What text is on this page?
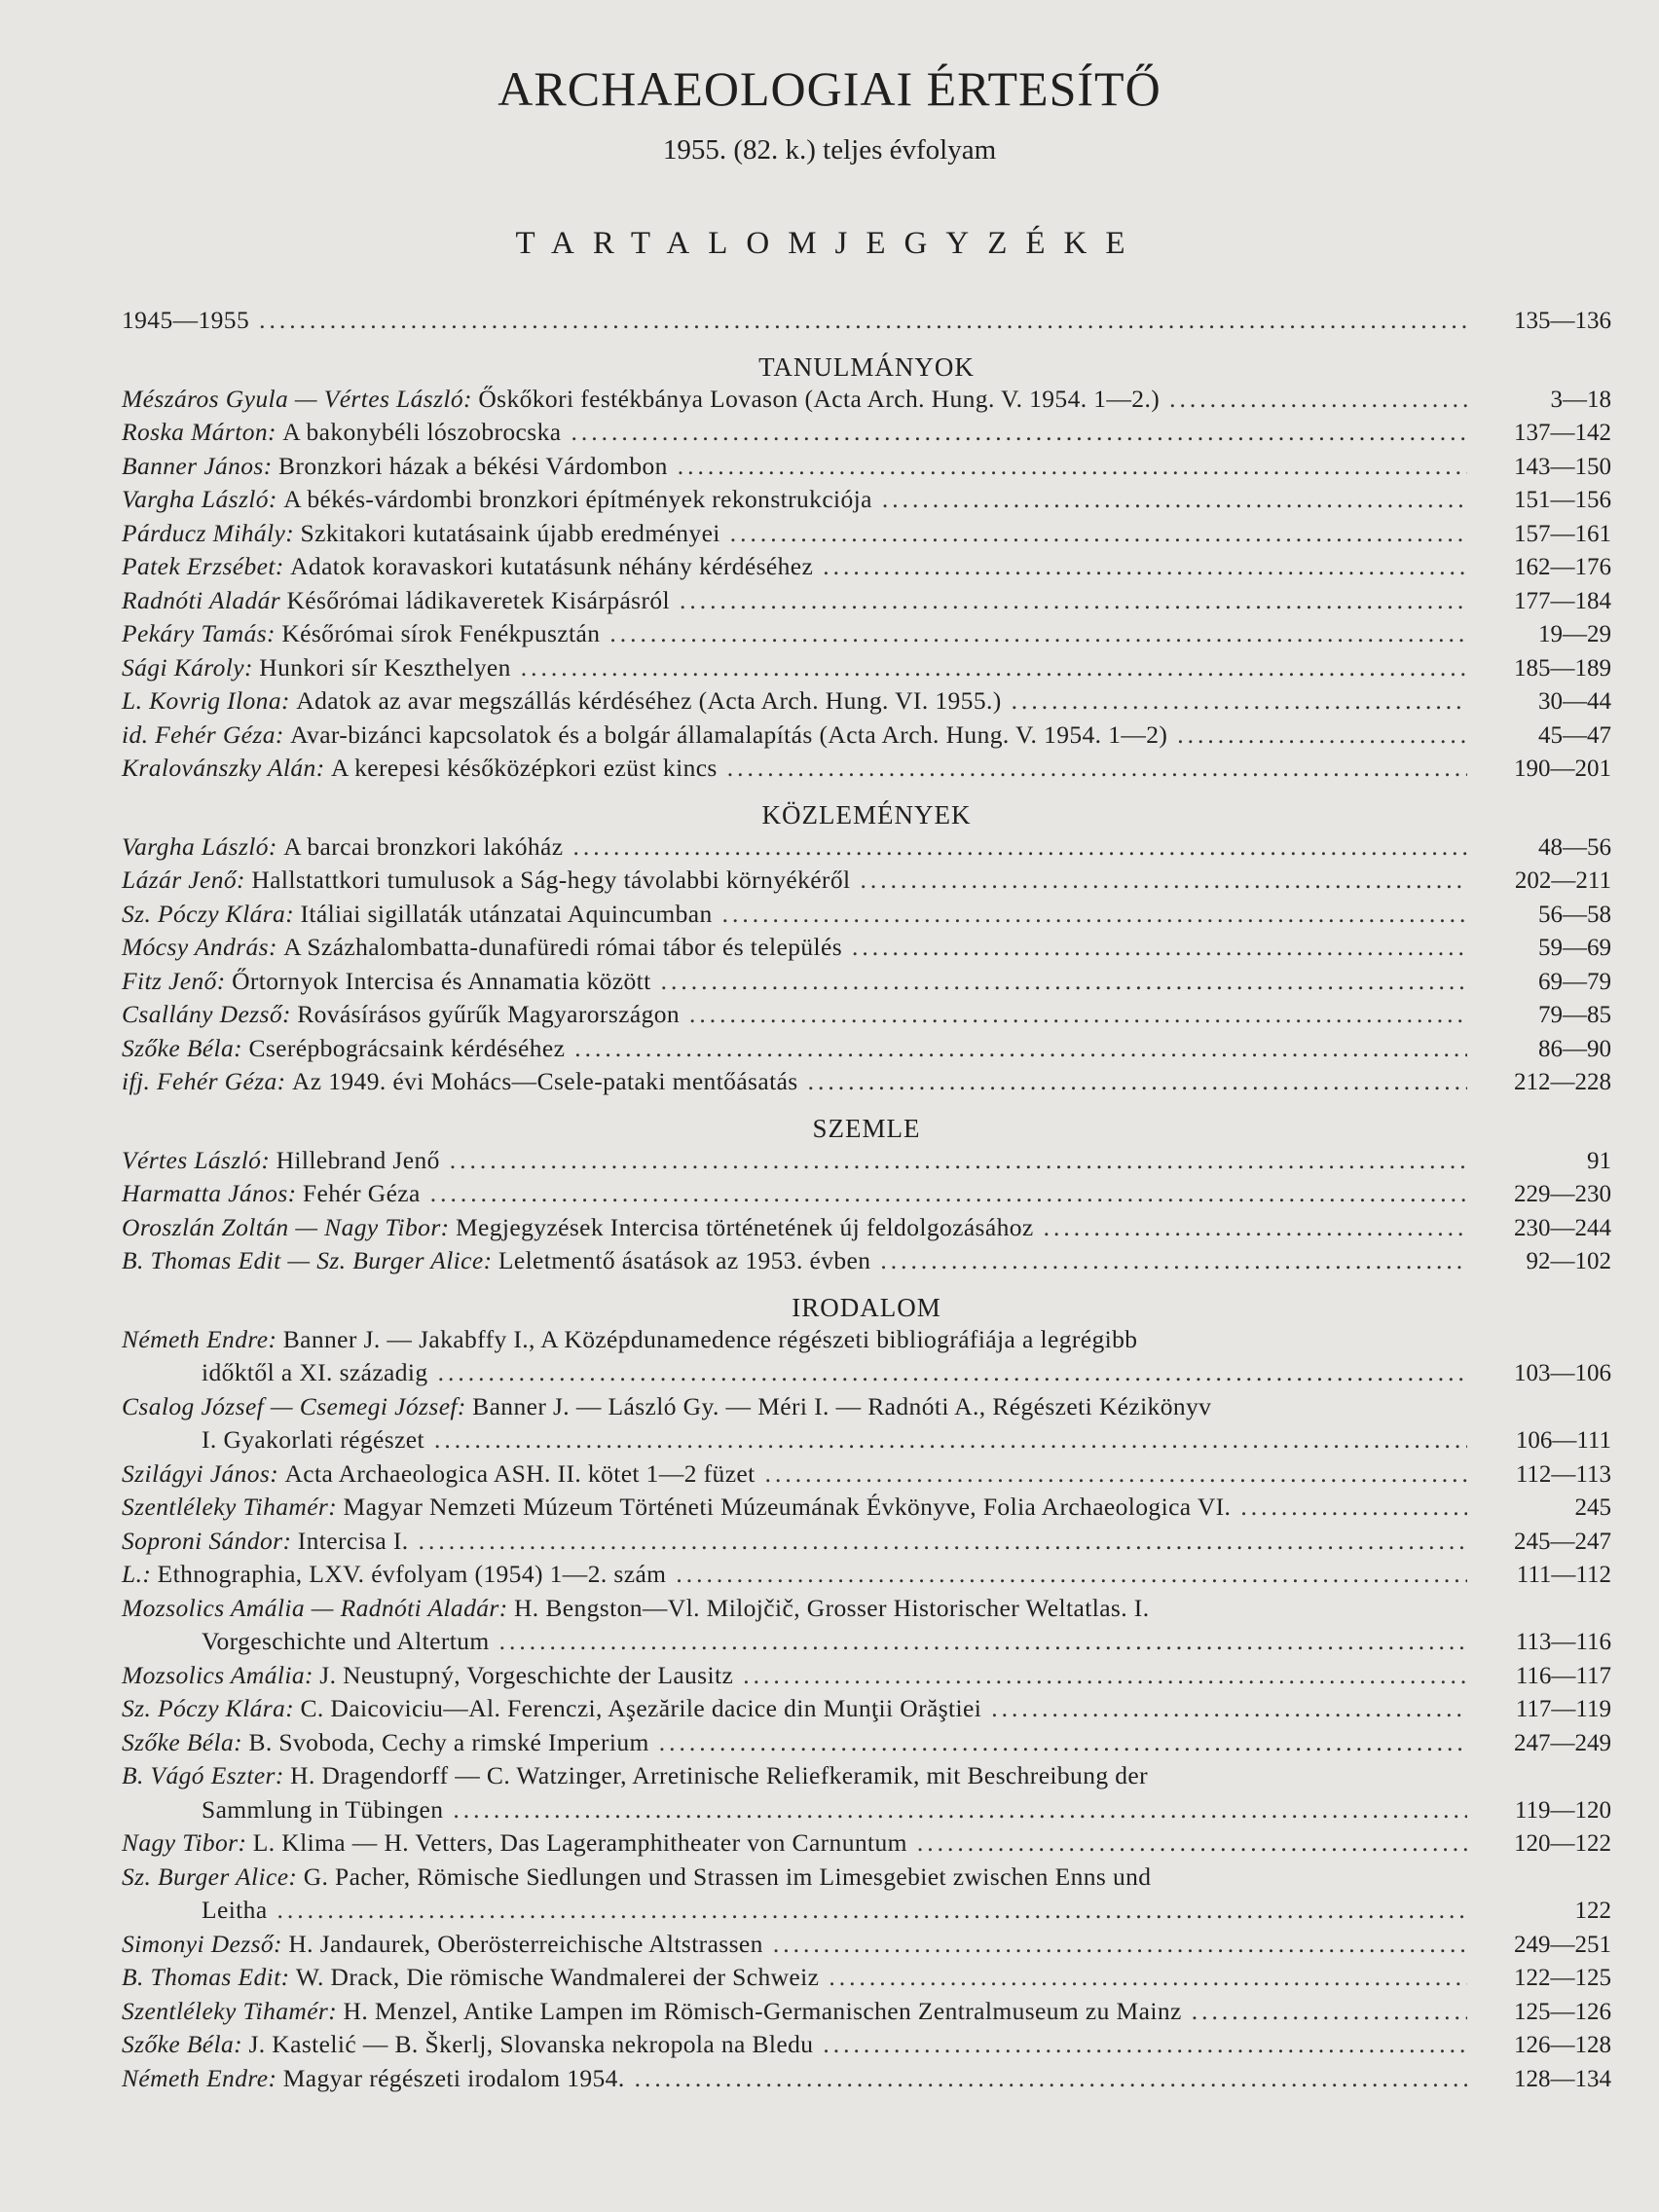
ARCHAEOLOGIAI ÉRTESÍTŐ
1955. (82. k.) teljes évfolyam
TARTALOMJEGYZÉKE
1945—1955 .....	135—136
TANULMÁNYOK
Mészáros Gyula — Vértes László:
Őskőkori festékbánya Lovason (Acta Arch. Hung. V. 1954. 1—2.) .....	3—18
Roska Márton:
A bakonybéli lószobrocska .....	137—142
Banner János:
Bronzkori házak a békési Várdombon .....	143—150
Vargha László:
A békés-várdombi bronzkori építmények rekonstrukciója .....	151—156
Párducz Mihály:
Szkitakori kutatásaink újabb eredményei .....	157—161
Patek Erzsébet:
Adatok koravaskori kutatásunk néhány kérdéséhez .....	162—176
Radnóti Aladár
Későrómai ládikaveretek Kisárpásról .....	177—184
Pekáry Tamás:
Későrómai sírok Fenékpusztán .....	19—29
Sági Károly:
Hunkori sír Keszthelyen .....	185—189
L. Kovrig Ilona:
Adatok az avar megszállás kérdéséhez (Acta Arch. Hung. VI. 1955.) .....	30—44
id. Fehér Géza:
Avar-bizánci kapcsolatok és a bolgár államalapítás (Acta Arch. Hung. V. 1954. 1—2) .....	45—47
Kralovánszky Alán:
A kerepesi későközépkori ezüst kincs .....	190—201
KÖZLEMÉNYEK
Vargha László:
A barcai bronzkori lakóház .....	48—56
Lázár Jenő:
Hallstattkori tumulusok a Ság-hegy távolabbi környékéről .....	202—211
Sz. Póczy Klára:
Itáliai sigillaták utánzatai Aquincumban .....	56—58
Mócsy András:
A Százhalombatta-dunafüredi római tábor és település .....	59—69
Fitz Jenő:
Őrtornyok Intercisa és Annamatia között .....	69—79
Csallány Dezső:
Rovásírásos gyűrűk Magyarországon .....	79—85
Szőke Béla:
Cserépbográcsaink kérdéséhez .....	86—90
ifj. Fehér Géza:
Az 1949. évi Mohács—Csele-pataki mentőásatás .....	212—228
SZEMLE
Vértes László:
Hillebrand Jenő .....	91
Harmatta János:
Fehér Géza .....	229—230
Oroszlán Zoltán — Nagy Tibor:
Megjegyzések Intercisa történetének új feldolgozásához .....	230—244
B. Thomas Edit — Sz. Burger Alice:
Leletmentő ásatások az 1953. évben .....	92—102
IRODALOM
Németh Endre:
Banner J. — Jakabffy I., A Középdunamedence régészeti bibliográfiája a legrégibb
időktől a XI. századig .....	103—106
Csalog József — Csemegi József:
Banner J. — László Gy. — Méri I. — Radnóti A., Régészeti Kézikönyv
I. Gyakorlati régészet .....	106—111
Szilágyi János:
Acta Archaeologica ASH. II. kötet 1—2 füzet .....	112—113
Szentléleky Tihamér:
Magyar Nemzeti Múzeum Történeti Múzeumának Évkönyve, Folia Archaeologica VI. .....	245
Soproni Sándor:
Intercisa I. .....	245—247
L.:
Ethnographia, LXV. évfolyam (1954) 1—2. szám .....	111—112
Mozsolics Amália — Radnóti Aladár:
H. Bengston—Vl. Milojčič, Grosser Historischer Weltatlas. I.
Vorgeschichte und Altertum .....	113—116
Mozsolics Amália:
J. Neustupný, Vorgeschichte der Lausitz .....	116—117
Sz. Póczy Klára:
C. Daicoviciu—Al. Ferenczi, Aşezările dacice din Munţii Orăştiei .....	117—119
Szőke Béla:
B. Svoboda, Cechy a rimské Imperium .....	247—249
B. Vágó Eszter:
H. Dragendorff — C. Watzinger, Arretinische Reliefkeramik, mit Beschreibung der
Sammlung in Tübingen .....	119—120
Nagy Tibor:
L. Klima — H. Vetters, Das Lageramphitheater von Carnuntum .....	120—122
Sz. Burger Alice:
G. Pacher, Römische Siedlungen und Strassen im Limesgebiet zwischen Enns und
Leitha .....	122
Simonyi Dezső:
H. Jandaurek, Oberösterreichische Altstrassen .....	249—251
B. Thomas Edit:
W. Drack, Die römische Wandmalerei der Schweiz .....	122—125
Szentléleky Tihamér:
H. Menzel, Antike Lampen im Römisch-Germanischen Zentralmuseum zu Mainz .....	125—126
Szőke Béla:
J. Kastelić — B. Škerlj, Slovanska nekropola na Bledu .....	126—128
Németh Endre:
Magyar régészeti irodalom 1954. .....	128—134
